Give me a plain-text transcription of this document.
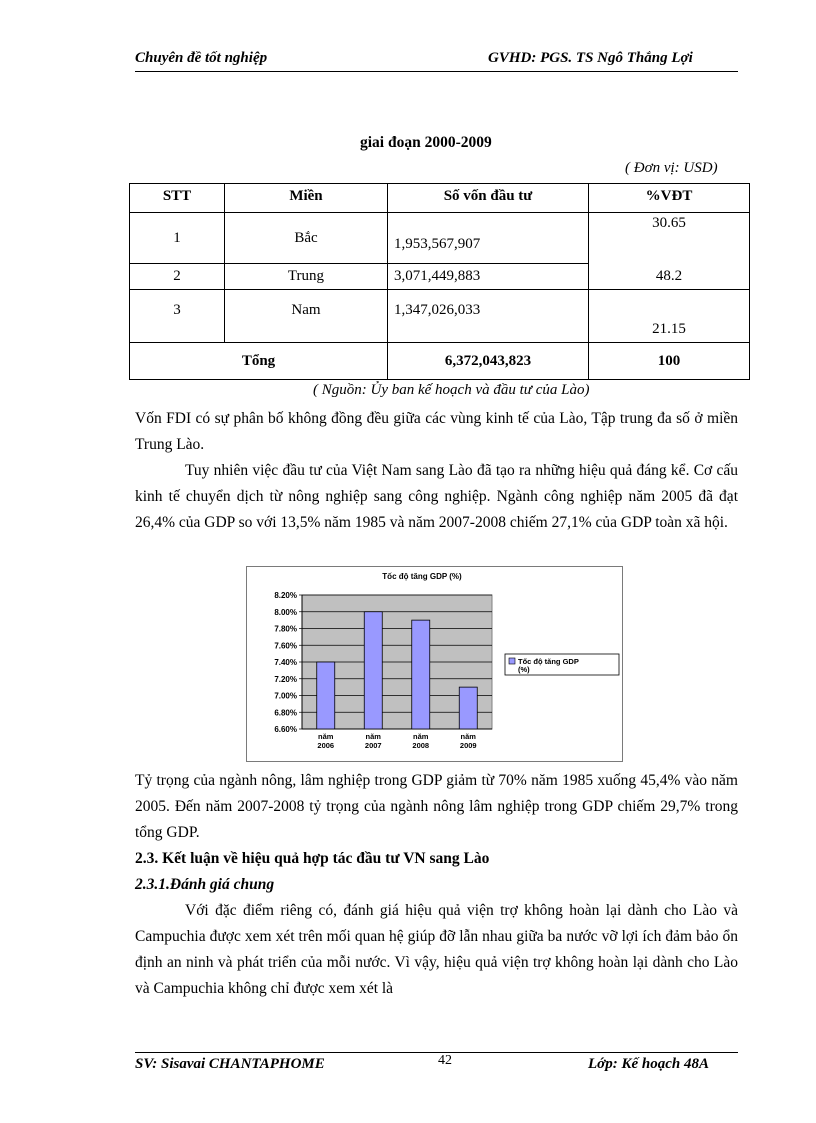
Chuyên đề tốt nghiệp	GVHD: PGS. TS Ngô Thắng Lợi
giai đoạn 2000-2009
( Đơn vị: USD)
STT	Miền	Số vốn đầu tư	%VĐT
1	Bắc	1,953,567,907	30.65
2	Trung	3,071,449,883	48.2
3	Nam	1,347,026,033	21.15
Tổng		6,372,043,823	100
( Nguồn: Ủy ban kế hoạch và đầu tư của Lào)

Vốn FDI có sự phân bố không đồng đều giữa các vùng kinh tế của Lào, Tập trung đa số ở miền Trung Lào.

Tuy nhiên việc đầu tư của Việt Nam sang Lào đã tạo ra những hiệu quả đáng kể. Cơ cấu kinh tế chuyển dịch từ nông nghiệp sang công nghiệp. Ngành công nghiệp năm 2005 đã đạt 26,4% của GDP so với 13,5% năm 1985 và năm 2007-2008 chiếm 27,1% của GDP toàn xã hội.

Tốc độ tăng GDP (%)
6.60%
6.80%
7.00%
7.20%
7.40%
7.60%
7.80%
8.00%
8.20%
năm
2006
năm
2007
năm
2008
năm
2009
Tốc độ tăng GDP
(%)

Tỷ trọng của ngành nông, lâm nghiệp trong GDP giảm từ 70% năm 1985 xuống 45,4% vào năm 2005. Đến năm 2007-2008 tỷ trọng của ngành nông lâm nghiệp trong GDP chiếm 29,7% trong tổng GDP.

2.3. Kết luận về hiệu quả hợp tác đầu tư VN sang Lào

2.3.1.Đánh giá chung

Với đặc điểm riêng có, đánh giá hiệu quả viện trợ không hoàn lại dành cho Lào và Campuchia được xem xét trên mối quan hệ giúp đỡ lẫn nhau giữa ba nước vỡ lợi ích đảm bảo ổn định an ninh và phát triển của mỗi nước. Vì vậy, hiệu quả viện trợ không hoàn lại dành cho Lào và Campuchia không chỉ được xem xét là

SV: Sisavai CHANTAPHOME	42	Lớp: Kế hoạch 48A
